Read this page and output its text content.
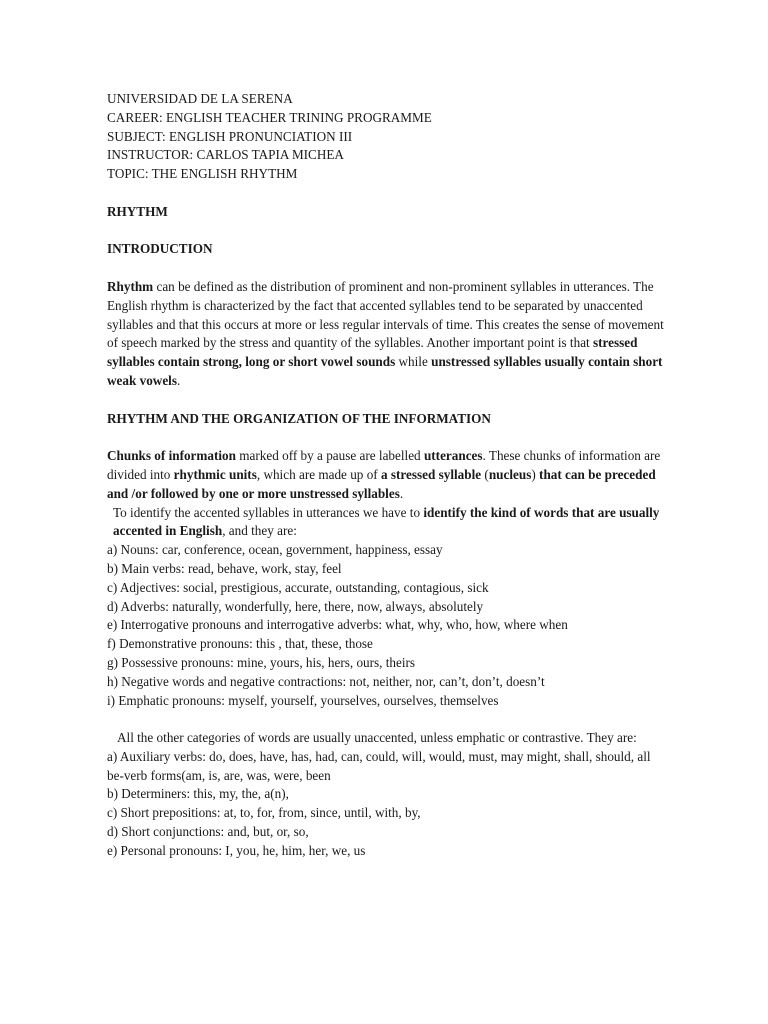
UNIVERSIDAD DE LA SERENA
CAREER: ENGLISH TEACHER TRINING PROGRAMME
SUBJECT: ENGLISH PRONUNCIATION III
INSTRUCTOR: CARLOS TAPIA MICHEA
TOPIC: THE ENGLISH RHYTHM
RHYTHM
INTRODUCTION

Rhythm can be defined as the distribution of prominent and non-prominent syllables in utterances. The English rhythm is characterized by the fact that accented syllables tend to be separated by unaccented syllables and that this occurs at more or less regular intervals of time. This creates the sense of movement of speech marked by the stress and quantity of the syllables. Another important point is that stressed syllables contain strong, long or short vowel sounds while unstressed syllables usually contain short weak vowels.

RHYTHM AND THE ORGANIZATION OF THE INFORMATION

Chunks of information marked off by a pause are labelled utterances. These chunks of information are divided into rhythmic units, which are made up of a stressed syllable (nucleus) that can be preceded and /or followed by one or more unstressed syllables.

To identify the accented syllables in utterances we have to identify the kind of words that are usually accented in English, and they are:

a) Nouns: car, conference, ocean, government, happiness, essay
b) Main verbs: read, behave, work, stay, feel
c) Adjectives: social, prestigious, accurate, outstanding, contagious, sick
d) Adverbs: naturally, wonderfully, here, there, now, always, absolutely
e) Interrogative pronouns and interrogative adverbs: what, why, who, how, where when
f) Demonstrative pronouns: this , that, these, those
g) Possessive pronouns: mine, yours, his, hers, ours, theirs
h) Negative words and negative contractions: not, neither, nor, can’t, don’t, doesn’t
i) Emphatic pronouns: myself, yourself, yourselves, ourselves, themselves

All the other categories of words are usually unaccented, unless emphatic or contrastive. They are:

a) Auxiliary verbs: do, does, have, has, had, can, could, will, would, must, may might, shall, should, all be-verb forms(am, is, are, was, were, been
b) Determiners: this, my, the, a(n),
c) Short prepositions: at, to, for, from, since, until, with, by,
d) Short conjunctions: and, but, or, so,
e) Personal pronouns: I, you, he, him, her, we, us
